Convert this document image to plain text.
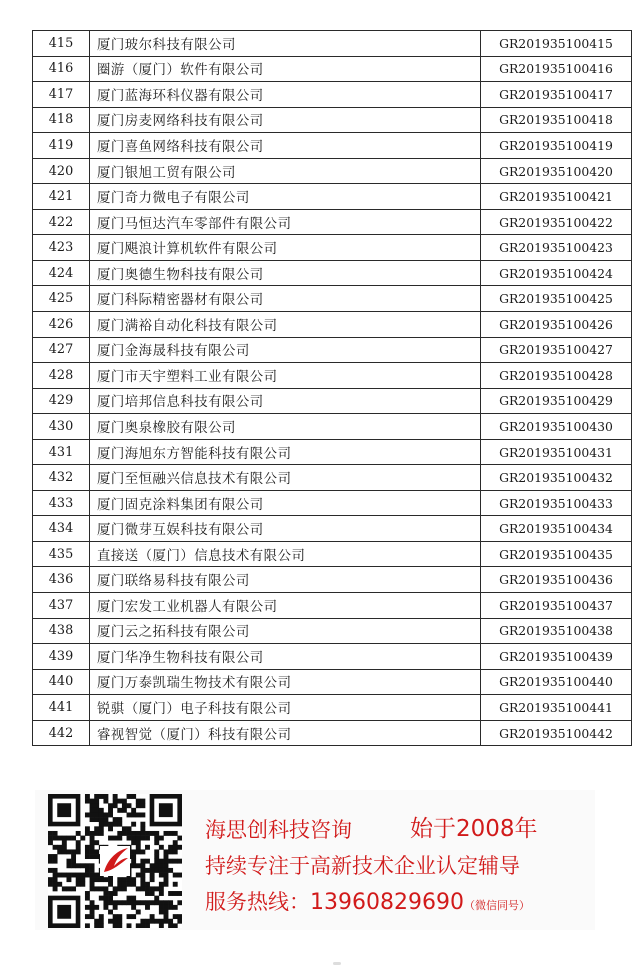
415	厦门玻尔科技有限公司	GR201935100415
416	圈游（厦门）软件有限公司	GR201935100416
417	厦门蓝海环科仪器有限公司	GR201935100417
418	厦门房麦网络科技有限公司	GR201935100418
419	厦门喜鱼网络科技有限公司	GR201935100419
420	厦门银旭工贸有限公司	GR201935100420
421	厦门奇力微电子有限公司	GR201935100421
422	厦门马恒达汽车零部件有限公司	GR201935100422
423	厦门飓浪计算机软件有限公司	GR201935100423
424	厦门奥德生物科技有限公司	GR201935100424
425	厦门科际精密器材有限公司	GR201935100425
426	厦门满裕自动化科技有限公司	GR201935100426
427	厦门金海晟科技有限公司	GR201935100427
428	厦门市天宇塑料工业有限公司	GR201935100428
429	厦门培邦信息科技有限公司	GR201935100429
430	厦门奥泉橡胶有限公司	GR201935100430
431	厦门海旭东方智能科技有限公司	GR201935100431
432	厦门至恒融兴信息技术有限公司	GR201935100432
433	厦门固克涂料集团有限公司	GR201935100433
434	厦门微芽互娱科技有限公司	GR201935100434
435	直接送（厦门）信息技术有限公司	GR201935100435
436	厦门联络易科技有限公司	GR201935100436
437	厦门宏发工业机器人有限公司	GR201935100437
438	厦门云之拓科技有限公司	GR201935100438
439	厦门华净生物科技有限公司	GR201935100439
440	厦门万泰凯瑞生物技术有限公司	GR201935100440
441	锐骐（厦门）电子科技有限公司	GR201935100441
442	睿视智觉（厦门）科技有限公司	GR201935100442
海思创科技咨询	始于2008年
持续专注于高新技术企业认定辅导
服务热线：13960829690（微信同号）
